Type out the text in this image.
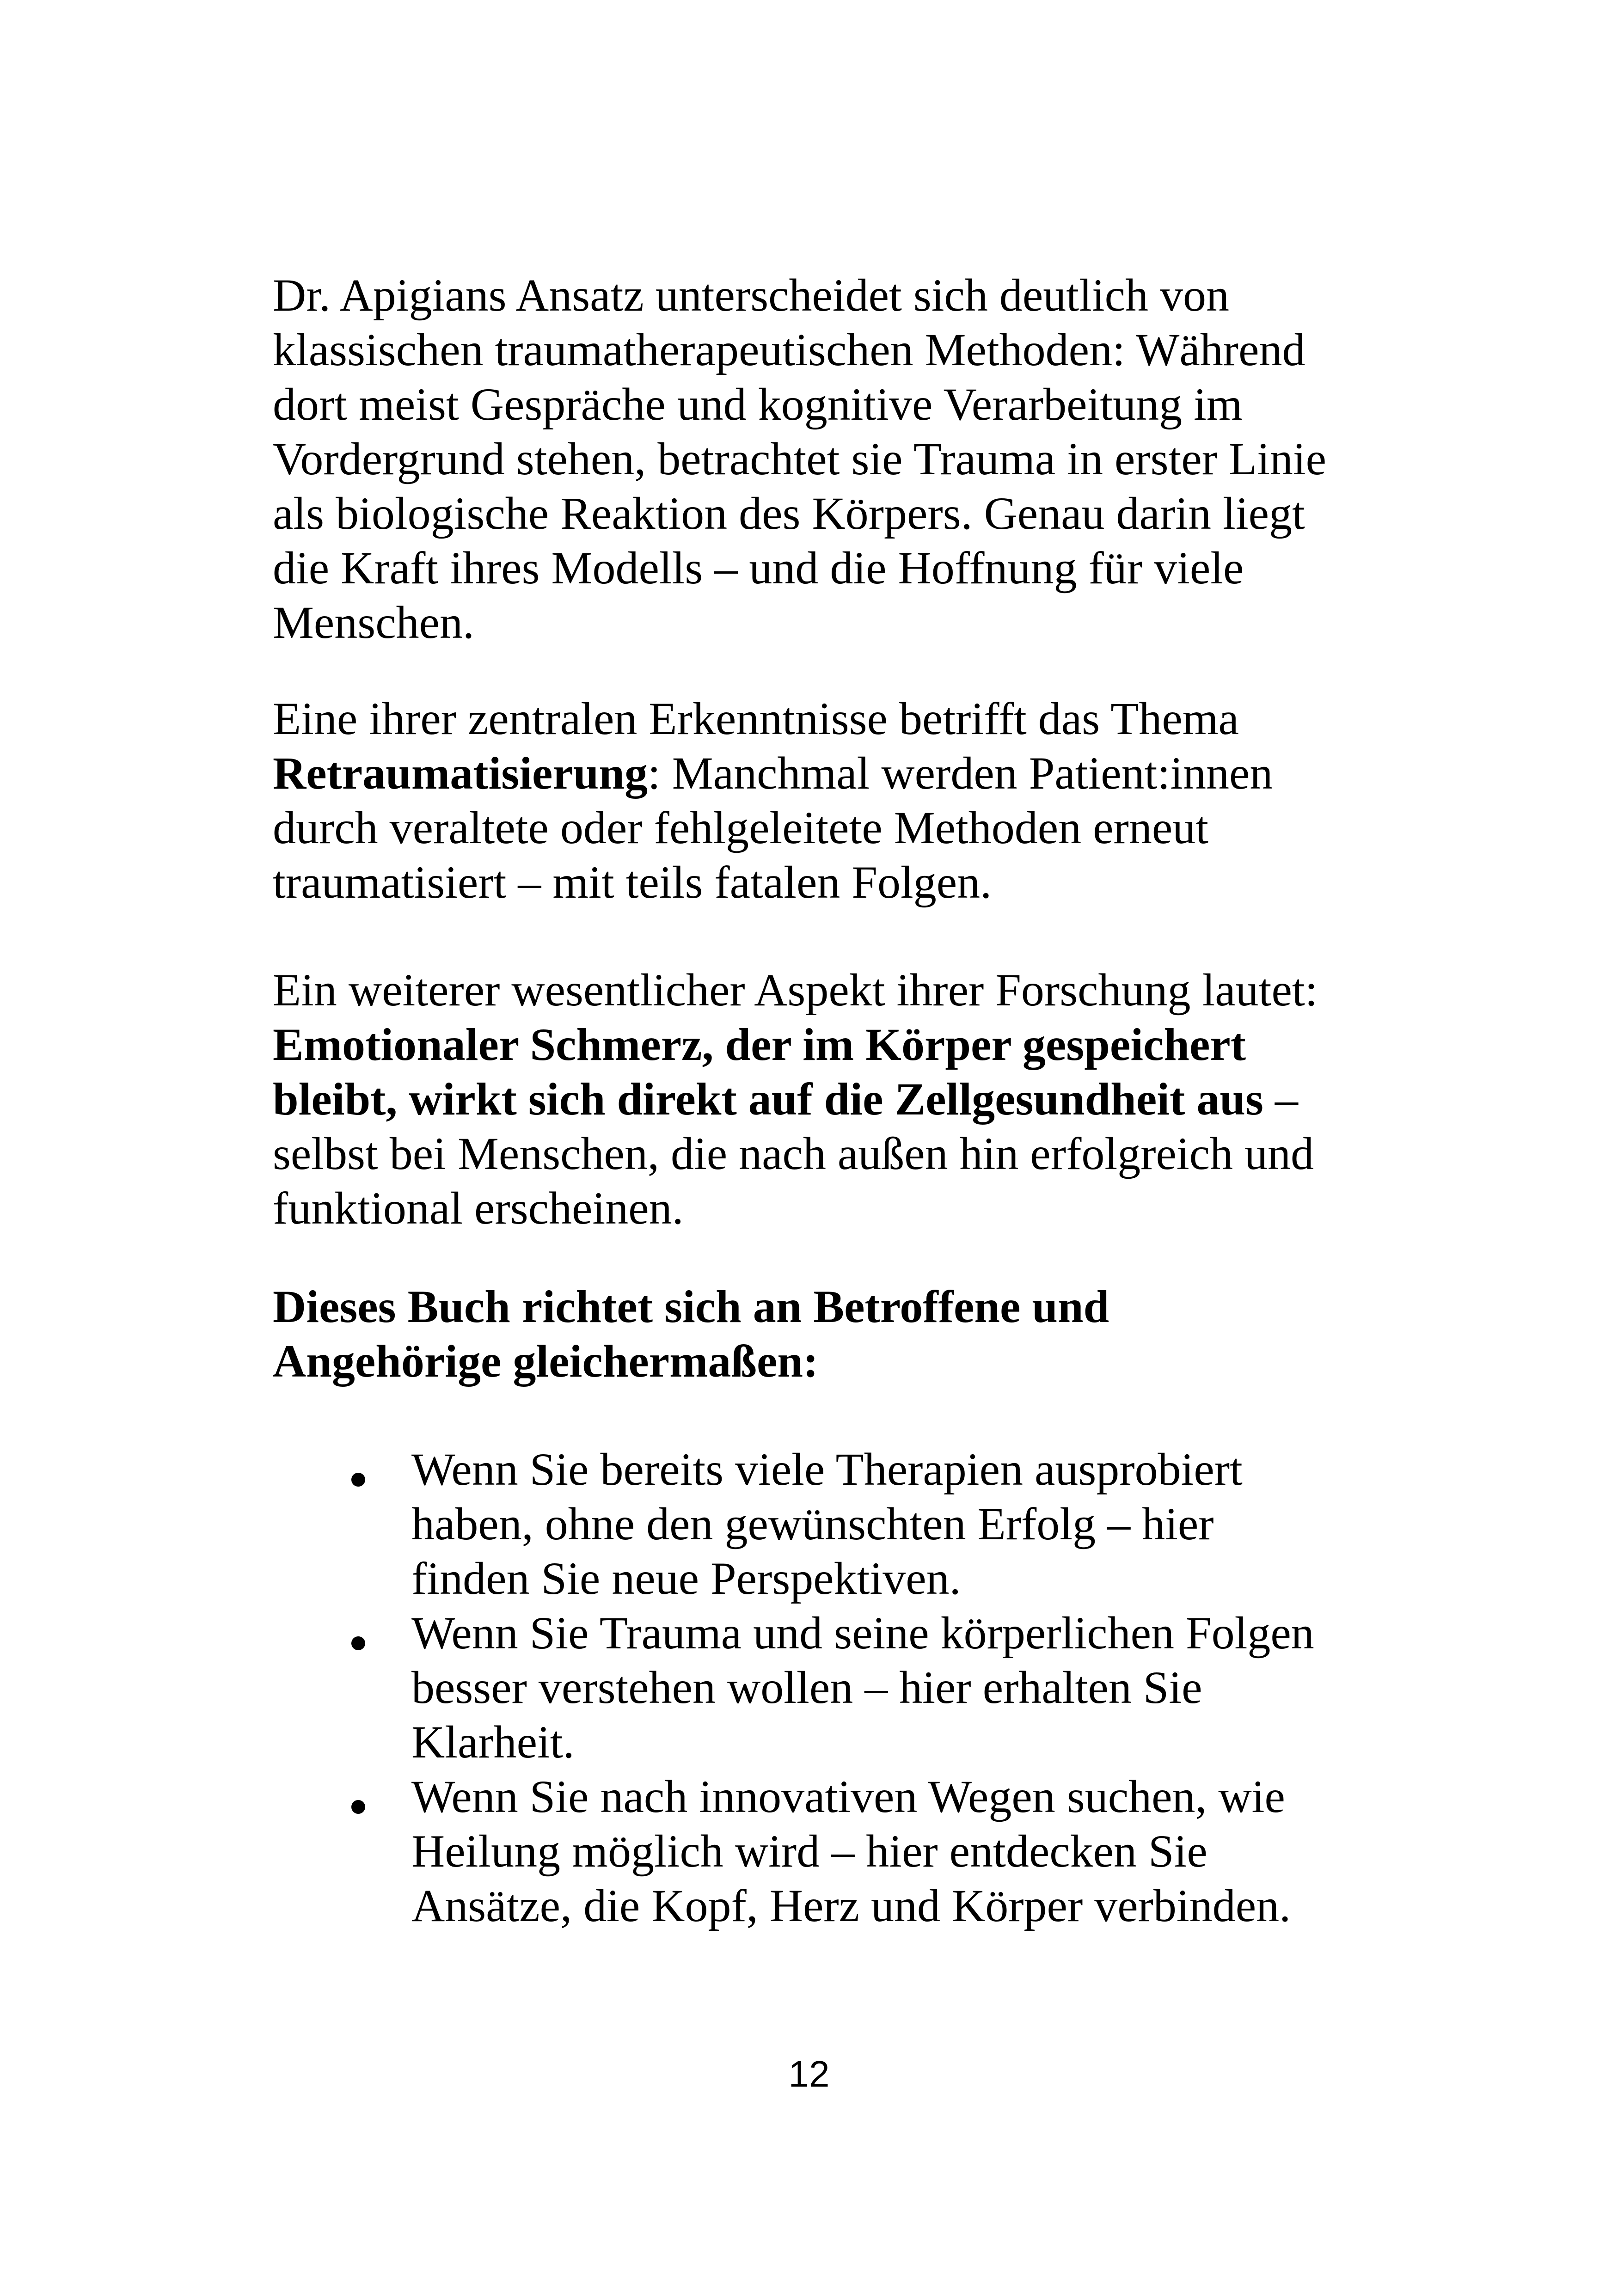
Dr. Apigians Ansatz unterscheidet sich deutlich von
klassischen traumatherapeutischen Methoden: Während
dort meist Gespräche und kognitive Verarbeitung im
Vordergrund stehen, betrachtet sie Trauma in erster Linie
als biologische Reaktion des Körpers. Genau darin liegt
die Kraft ihres Modells – und die Hoffnung für viele
Menschen.
Eine ihrer zentralen Erkenntnisse betrifft das Thema
Retraumatisierung: Manchmal werden Patient:innen
durch veraltete oder fehlgeleitete Methoden erneut
traumatisiert – mit teils fatalen Folgen.
Ein weiterer wesentlicher Aspekt ihrer Forschung lautet:
Emotionaler Schmerz, der im Körper gespeichert
bleibt, wirkt sich direkt auf die Zellgesundheit aus –
selbst bei Menschen, die nach außen hin erfolgreich und
funktional erscheinen.
Dieses Buch richtet sich an Betroffene und
Angehörige gleichermaßen:
Wenn Sie bereits viele Therapien ausprobiert
haben, ohne den gewünschten Erfolg – hier
finden Sie neue Perspektiven.
Wenn Sie Trauma und seine körperlichen Folgen
besser verstehen wollen – hier erhalten Sie
Klarheit.
Wenn Sie nach innovativen Wegen suchen, wie
Heilung möglich wird – hier entdecken Sie
Ansätze, die Kopf, Herz und Körper verbinden.
12
